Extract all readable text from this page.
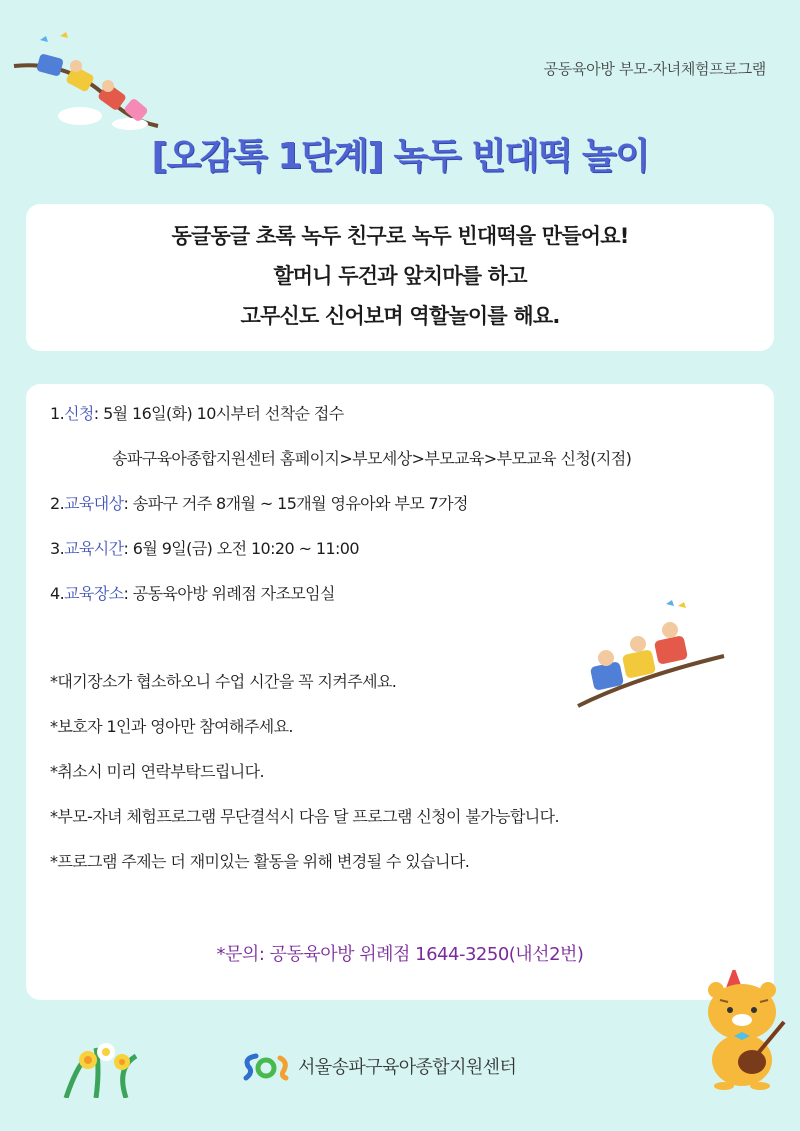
공동육아방 부모-자녀체험프로그램
[오감톡 1단계] 녹두 빈대떡 놀이
동글동글 초록 녹두 친구로 녹두 빈대떡을 만들어요!
할머니 두건과 앞치마를 하고
고무신도 신어보며 역할놀이를 해요.
1.신청: 5월 16일(화) 10시부터 선착순 접수
송파구육아종합지원센터 홈페이지>부모세상>부모교육>부모교육 신청(지점)
2.교육대상: 송파구 거주 8개월 ~ 15개월 영유아와 부모 7가정
3.교육시간: 6월 9일(금) 오전 10:20 ~ 11:00
4.교육장소: 공동육아방 위례점 자조모임실
*대기장소가 협소하오니 수업 시간을 꼭 지켜주세요.
*보호자 1인과 영아만 참여해주세요.
*취소시 미리 연락부탁드립니다.
*부모-자녀 체험프로그램 무단결석시 다음 달 프로그램 신청이 불가능합니다.
*프로그램 주제는 더 재미있는 활동을 위해 변경될 수 있습니다.
*문의: 공동육아방 위례점 1644-3250(내선2번)
서울송파구육아종합지원센터
